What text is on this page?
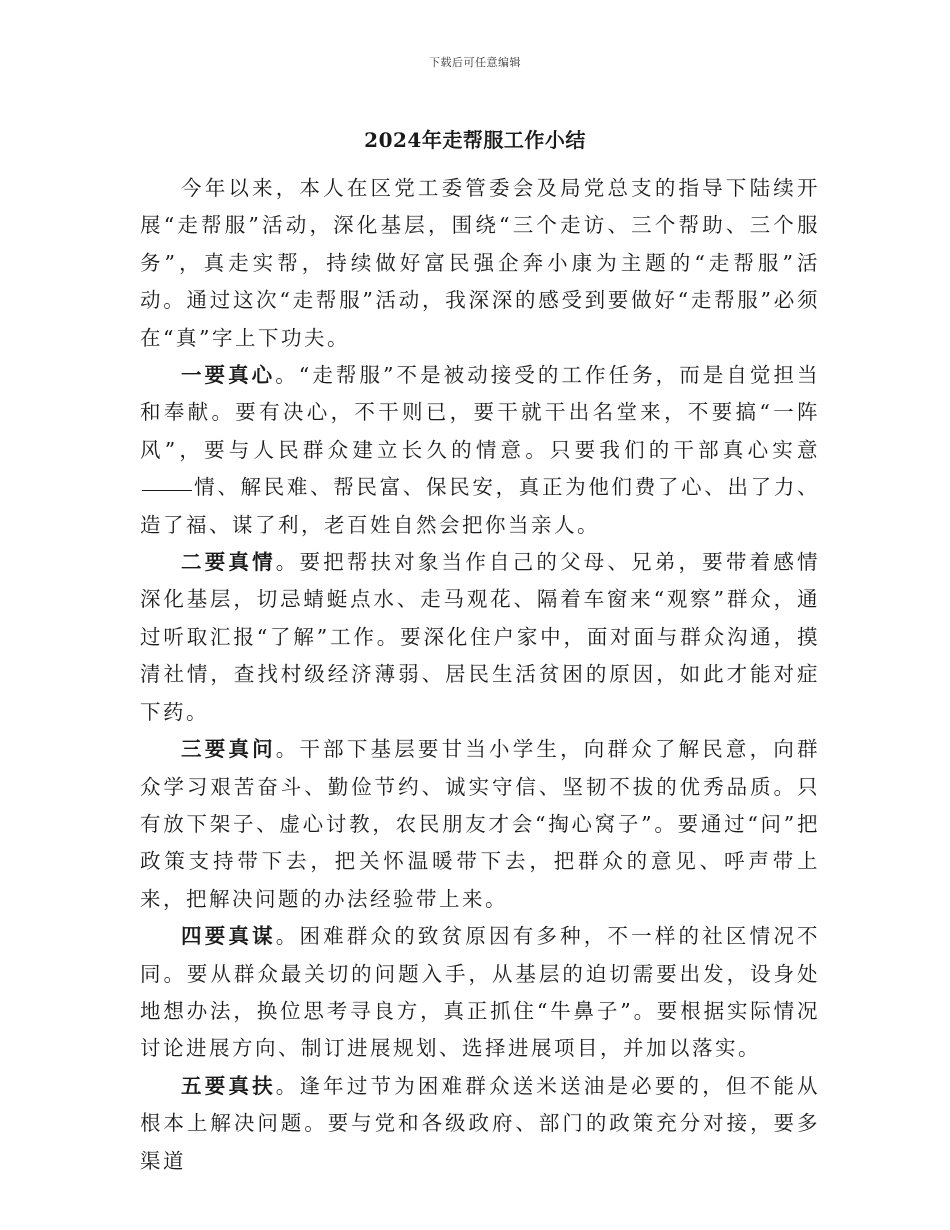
下载后可任意编辑
2024年走帮服工作小结

今年以来，本人在区党工委管委会及局党总支的指导下陆续开展“走帮服”活动，深化基层，围绕“三个走访、三个帮助、三个服务”，真走实帮，持续做好富民强企奔小康为主题的“走帮服”活动。通过这次“走帮服”活动，我深深的感受到要做好“走帮服”必须在“真”字上下功夫。

一要真心。“走帮服”不是被动接受的工作任务，而是自觉担当和奉献。要有决心，不干则已，要干就干出名堂来，不要搞“一阵风”，要与人民群众建立长久的情意。只要我们的干部真心实意情、解民难、帮民富、保民安，真正为他们费了心、出了力、造了福、谋了利，老百姓自然会把你当亲人。

二要真情。要把帮扶对象当作自己的父母、兄弟，要带着感情深化基层，切忌蜻蜓点水、走马观花、隔着车窗来“观察”群众，通过听取汇报“了解”工作。要深化住户家中，面对面与群众沟通，摸清社情，查找村级经济薄弱、居民生活贫困的原因，如此才能对症下药。

三要真问。干部下基层要甘当小学生，向群众了解民意，向群众学习艰苦奋斗、勤俭节约、诚实守信、坚韧不拔的优秀品质。只有放下架子、虚心讨教，农民朋友才会“掏心窝子”。要通过“问”把政策支持带下去，把关怀温暖带下去，把群众的意见、呼声带上来，把解决问题的办法经验带上来。

四要真谋。困难群众的致贫原因有多种，不一样的社区情况不同。要从群众最关切的问题入手，从基层的迫切需要出发，设身处地想办法，换位思考寻良方，真正抓住“牛鼻子”。要根据实际情况讨论进展方向、制订进展规划、选择进展项目，并加以落实。

五要真扶。逢年过节为困难群众送米送油是必要的，但不能从根本上解决问题。要与党和各级政府、部门的政策充分对接，要多渠道
